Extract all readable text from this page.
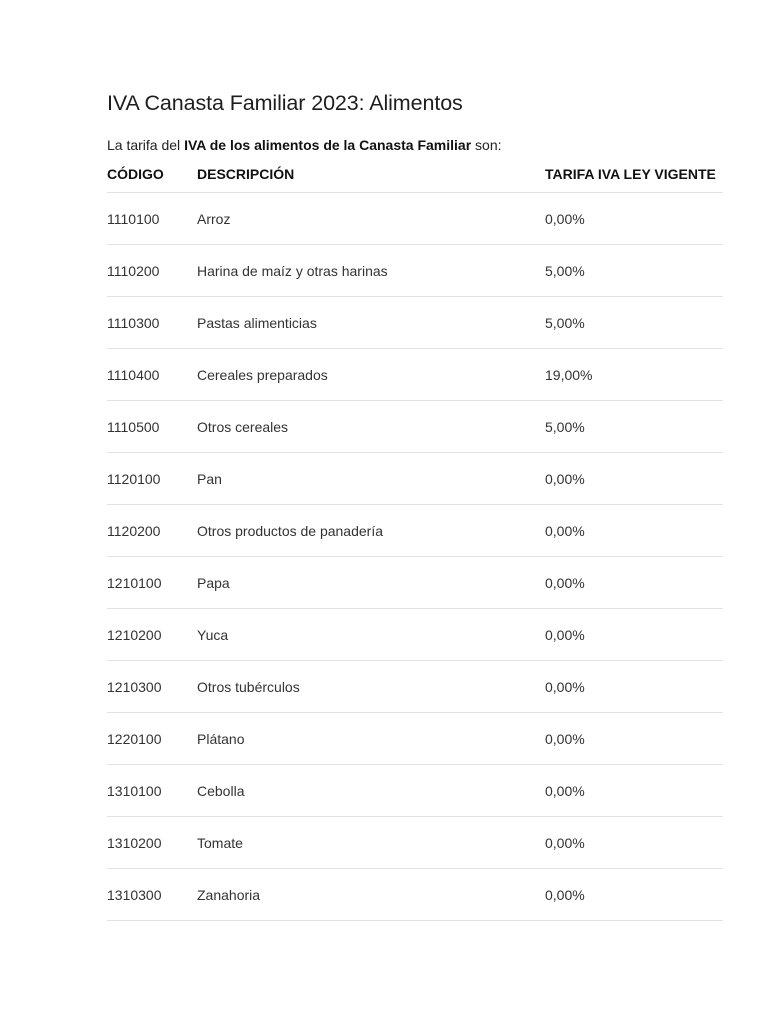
IVA Canasta Familiar 2023: Alimentos

La tarifa del IVA de los alimentos de la Canasta Familiar son:

CÓDIGO	DESCRIPCIÓN	TARIFA IVA LEY VIGENTE
1110100	Arroz	0,00%
1110200	Harina de maíz y otras harinas	5,00%
1110300	Pastas alimenticias	5,00%
1110400	Cereales preparados	19,00%
1110500	Otros cereales	5,00%
1120100	Pan	0,00%
1120200	Otros productos de panadería	0,00%
1210100	Papa	0,00%
1210200	Yuca	0,00%
1210300	Otros tubérculos	0,00%
1220100	Plátano	0,00%
1310100	Cebolla	0,00%
1310200	Tomate	0,00%
1310300	Zanahoria	0,00%
